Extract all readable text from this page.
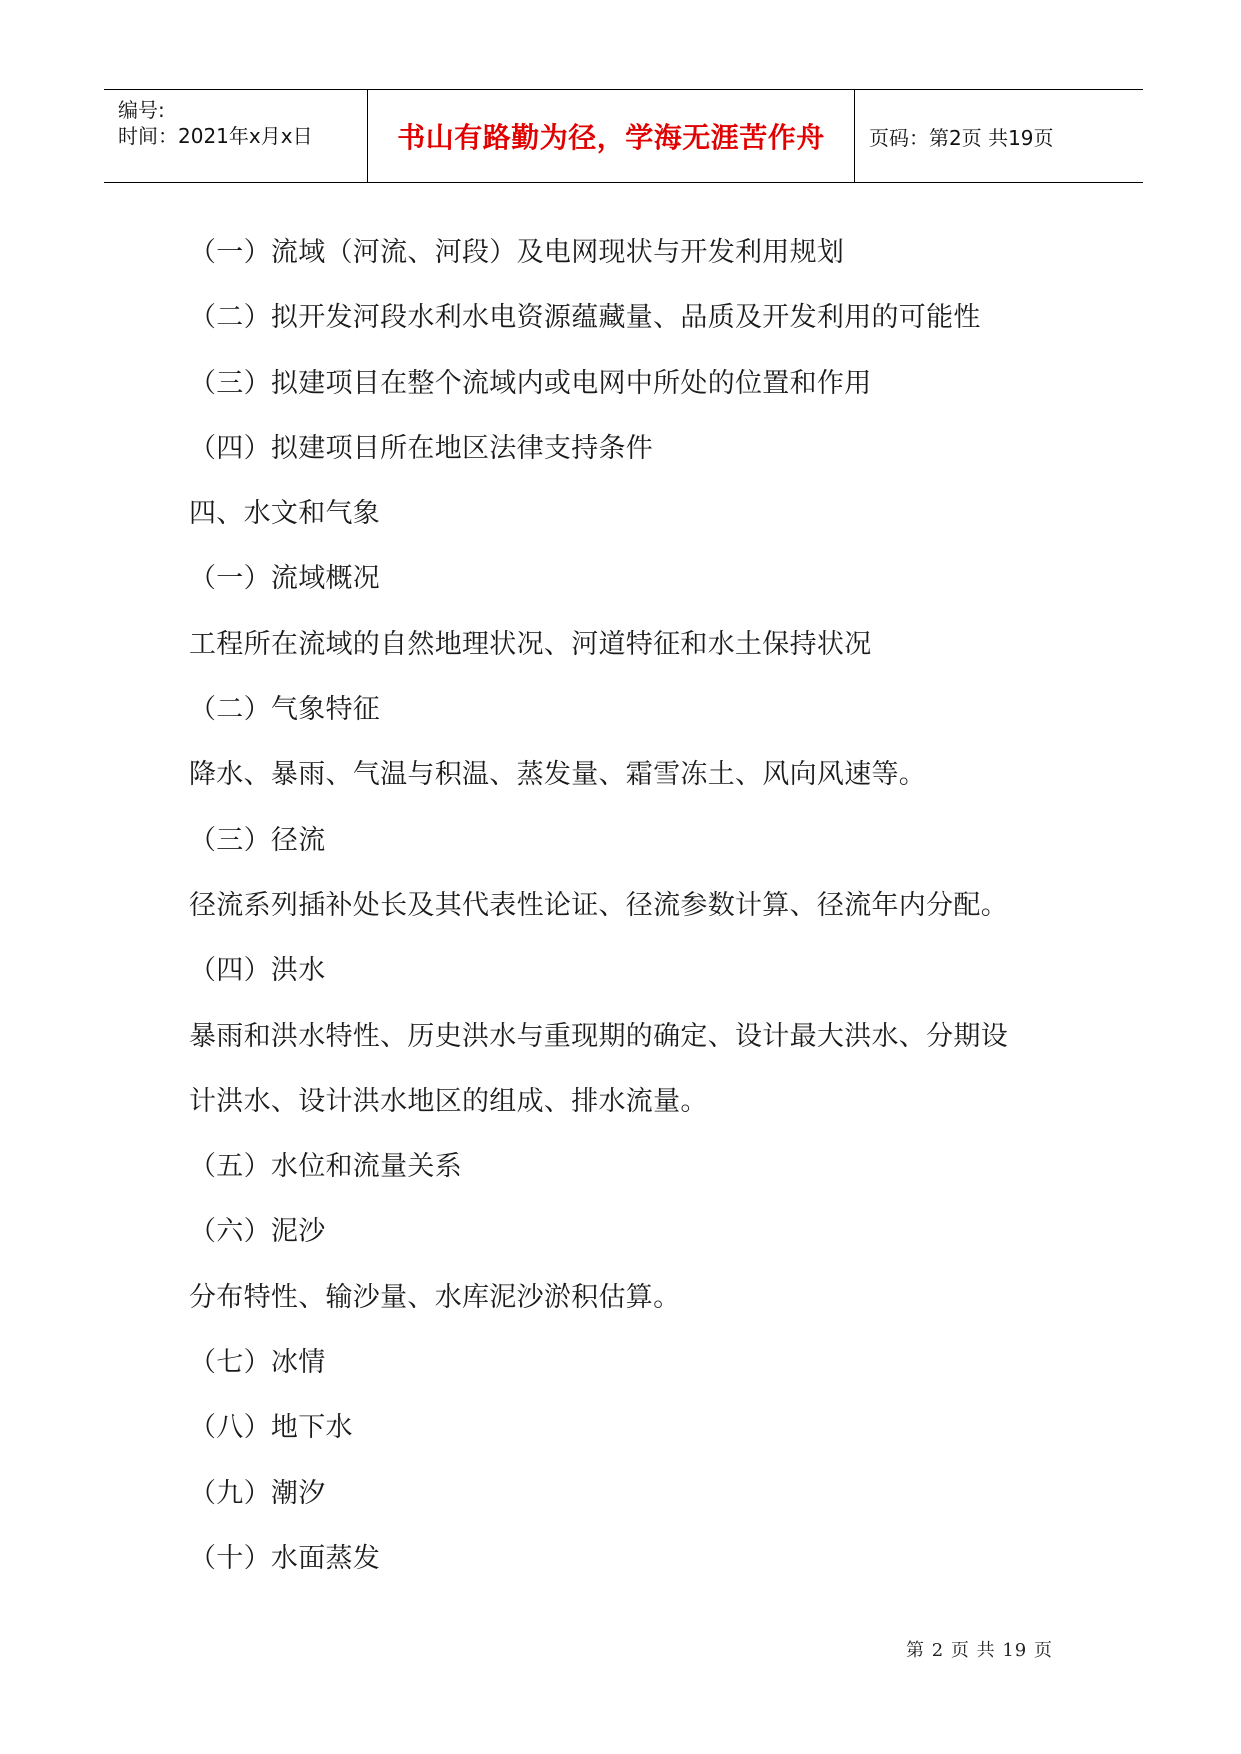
编号:
时间：2021年x月x日	书山有路勤为径，学海无涯苦作舟	页码：第2页 共19页

（一）流域（河流、河段）及电网现状与开发利用规划

（二）拟开发河段水利水电资源蕴藏量、品质及开发利用的可能性

（三）拟建项目在整个流域内或电网中所处的位置和作用

（四）拟建项目所在地区法律支持条件

四、水文和气象

（一）流域概况

工程所在流域的自然地理状况、河道特征和水土保持状况

（二）气象特征

降水、暴雨、气温与积温、蒸发量、霜雪冻土、风向风速等。

（三）径流

径流系列插补处长及其代表性论证、径流参数计算、径流年内分配。

（四）洪水

暴雨和洪水特性、历史洪水与重现期的确定、设计最大洪水、分期设

计洪水、设计洪水地区的组成、排水流量。

（五）水位和流量关系

（六）泥沙

分布特性、输沙量、水库泥沙淤积估算。

（七）冰情

（八）地下水

（九）潮汐

（十）水面蒸发

第 2 页 共 19 页
